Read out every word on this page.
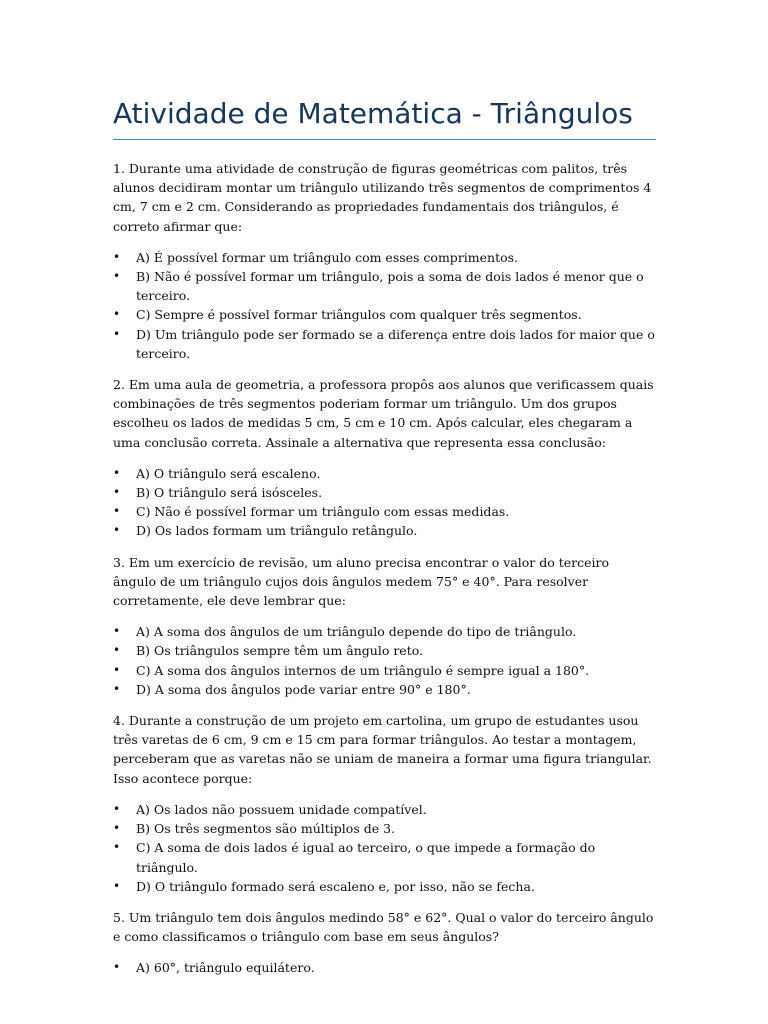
Atividade de Matemática - Triângulos

1. Durante uma atividade de construção de figuras geométricas com palitos, três alunos decidiram montar um triângulo utilizando três segmentos de comprimentos 4 cm, 7 cm e 2 cm. Considerando as propriedades fundamentais dos triângulos, é correto afirmar que:

• A) É possível formar um triângulo com esses comprimentos.
• B) Não é possível formar um triângulo, pois a soma de dois lados é menor que o terceiro.
• C) Sempre é possível formar triângulos com qualquer três segmentos.
• D) Um triângulo pode ser formado se a diferença entre dois lados for maior que o terceiro.

2. Em uma aula de geometria, a professora propôs aos alunos que verificassem quais combinações de três segmentos poderiam formar um triângulo. Um dos grupos escolheu os lados de medidas 5 cm, 5 cm e 10 cm. Após calcular, eles chegaram a uma conclusão correta. Assinale a alternativa que representa essa conclusão:

• A) O triângulo será escaleno.
• B) O triângulo será isósceles.
• C) Não é possível formar um triângulo com essas medidas.
• D) Os lados formam um triângulo retângulo.

3. Em um exercício de revisão, um aluno precisa encontrar o valor do terceiro ângulo de um triângulo cujos dois ângulos medem 75° e 40°. Para resolver corretamente, ele deve lembrar que:

• A) A soma dos ângulos de um triângulo depende do tipo de triângulo.
• B) Os triângulos sempre têm um ângulo reto.
• C) A soma dos ângulos internos de um triângulo é sempre igual a 180°.
• D) A soma dos ângulos pode variar entre 90° e 180°.

4. Durante a construção de um projeto em cartolina, um grupo de estudantes usou três varetas de 6 cm, 9 cm e 15 cm para formar triângulos. Ao testar a montagem, perceberam que as varetas não se uniam de maneira a formar uma figura triangular. Isso acontece porque:

• A) Os lados não possuem unidade compatível.
• B) Os três segmentos são múltiplos de 3.
• C) A soma de dois lados é igual ao terceiro, o que impede a formação do triângulo.
• D) O triângulo formado será escaleno e, por isso, não se fecha.

5. Um triângulo tem dois ângulos medindo 58° e 62°. Qual o valor do terceiro ângulo e como classificamos o triângulo com base em seus ângulos?

• A) 60°, triângulo equilátero.
